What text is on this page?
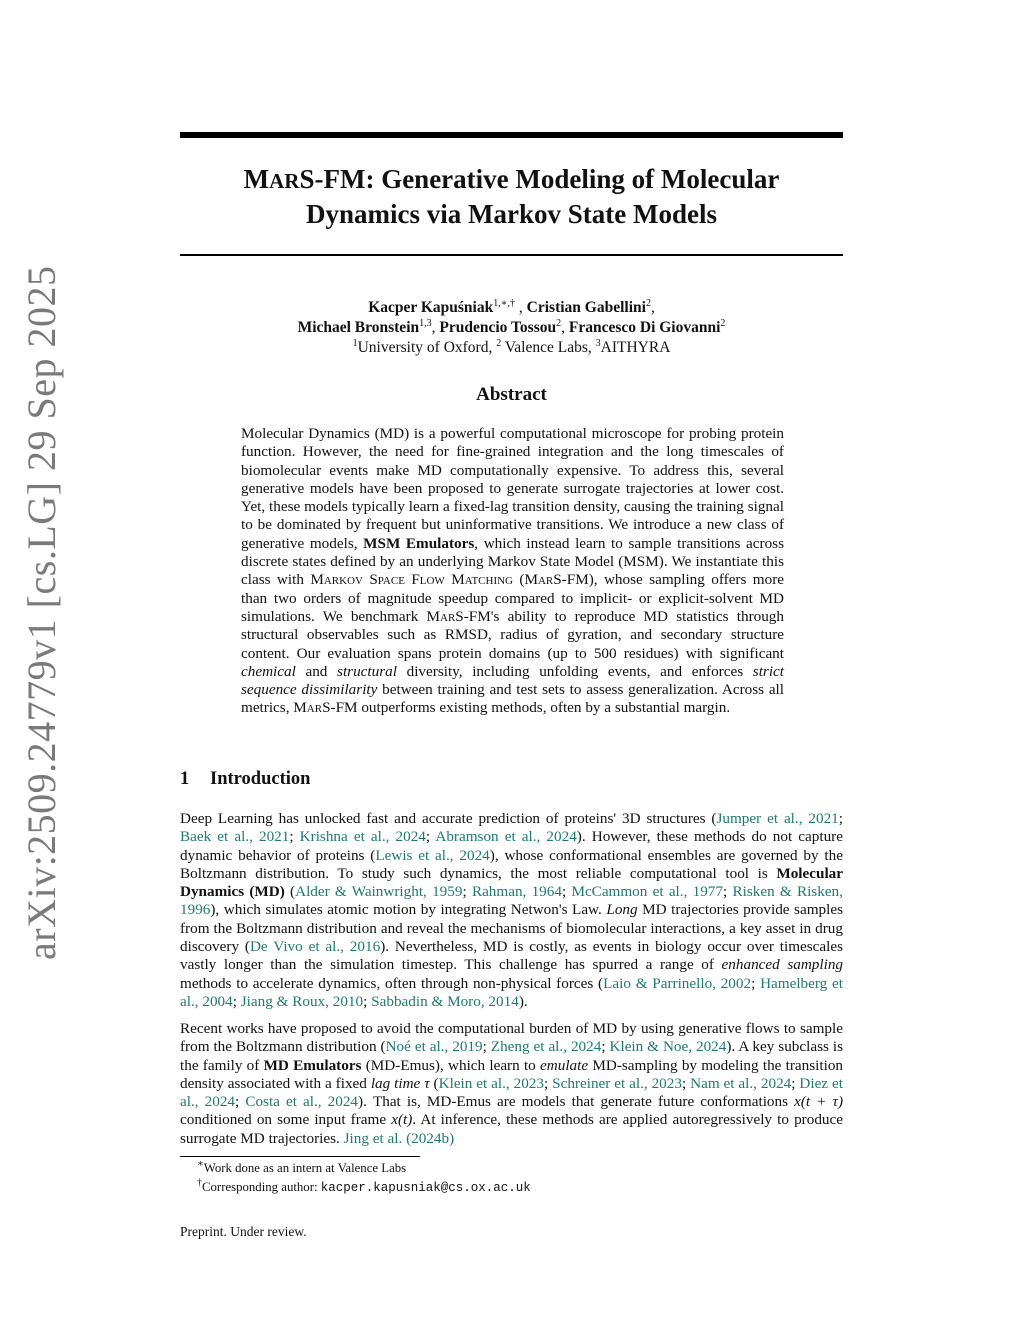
arXiv:2509.24779v1 [cs.LG] 29 Sep 2025
MARS-FM: Generative Modeling of Molecular
Dynamics via Markov State Models
Kacper Kapuśniak$^{1,∗,\dagger}$ , Cristian Gabellini$^2$,
Michael Bronstein$^{1,3}$, Prudencio Tossou$^2$, Francesco Di Giovanni$^2$
$^1$University of Oxford, $^2$ Valence Labs, $^3$AITHYRA
Abstract
Molecular Dynamics (MD) is a powerful computational microscope for probing protein function. However, the need for fine-grained integration and the long timescales of biomolecular events make MD computationally expensive. To address this, several generative models have been proposed to generate surrogate trajectories at lower cost. Yet, these models typically learn a fixed-lag transition density, causing the training signal to be dominated by frequent but uninformative transitions. We introduce a new class of generative models, MSM Emulators, which instead learn to sample transitions across discrete states defined by an underlying Markov State Model (MSM). We instantiate this class with Markov Space Flow Matching (MarS-FM), whose sampling offers more than two orders of magnitude speedup compared to implicit- or explicit-solvent MD simulations. We benchmark MarS-FM's ability to reproduce MD statistics through structural observables such as RMSD, radius of gyration, and secondary structure content. Our evaluation spans protein domains (up to 500 residues) with significant chemical and structural diversity, including unfolding events, and enforces strict sequence dissimilarity between training and test sets to assess generalization. Across all metrics, MarS-FM outperforms existing methods, often by a substantial margin.
1 Introduction
Deep Learning has unlocked fast and accurate prediction of proteins' 3D structures (Jumper et al., 2021; Baek et al., 2021; Krishna et al., 2024; Abramson et al., 2024). However, these methods do not capture dynamic behavior of proteins (Lewis et al., 2024), whose conformational ensembles are governed by the Boltzmann distribution. To study such dynamics, the most reliable computational tool is Molecular Dynamics (MD) (Alder & Wainwright, 1959; Rahman, 1964; McCammon et al., 1977; Risken & Risken, 1996), which simulates atomic motion by integrating Netwon's Law. Long MD trajectories provide samples from the Boltzmann distribution and reveal the mechanisms of biomolecular interactions, a key asset in drug discovery (De Vivo et al., 2016). Nevertheless, MD is costly, as events in biology occur over timescales vastly longer than the simulation timestep. This challenge has spurred a range of enhanced sampling methods to accelerate dynamics, often through non-physical forces (Laio & Parrinello, 2002; Hamelberg et al., 2004; Jiang & Roux, 2010; Sabbadin & Moro, 2014).
Recent works have proposed to avoid the computational burden of MD by using generative flows to sample from the Boltzmann distribution (Noé et al., 2019; Zheng et al., 2024; Klein & Noe, 2024). A key subclass is the family of MD Emulators (MD-Emus), which learn to emulate MD-sampling by modeling the transition density associated with a fixed lag time τ (Klein et al., 2023; Schreiner et al., 2023; Nam et al., 2024; Diez et al., 2024; Costa et al., 2024). That is, MD-Emus are models that generate future conformations x(t + τ) conditioned on some input frame x(t). At inference, these methods are applied autoregressively to produce surrogate MD trajectories. Jing et al. (2024b)
∗Work done as an intern at Valence Labs
†Corresponding author: kacper.kapusniak@cs.ox.ac.uk
Preprint. Under review.
